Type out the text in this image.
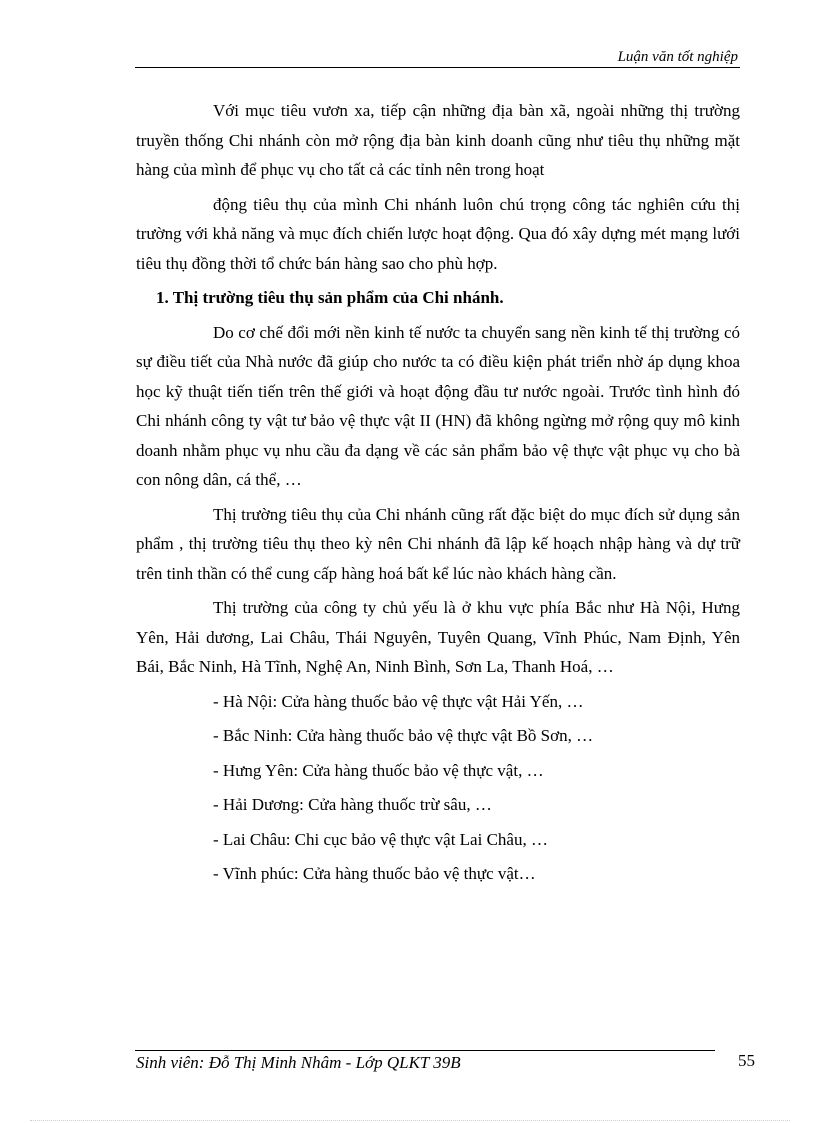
Luận văn tốt nghiệp

Với mục tiêu vươn xa, tiếp cận những địa bàn xã, ngoài những thị trường truyền thống Chi nhánh còn mở rộng địa bàn kinh doanh cũng như tiêu thụ những mặt hàng của mình để phục vụ cho tất cả các tỉnh nên trong hoạt

động tiêu thụ của mình Chi nhánh luôn chú trọng công tác nghiên cứu thị trường với khả năng và mục đích chiến lược hoạt động. Qua đó xây dựng mét mạng lưới tiêu thụ đồng thời tổ chức bán hàng sao cho phù hợp.

1. Thị trường tiêu thụ sản phẩm của Chi nhánh.

Do cơ chế đổi mới nền kinh tế nước ta chuyển sang nền kinh tế thị trường có sự điều tiết của Nhà nước đã giúp cho nước ta có điều kiện phát triển nhờ áp dụng khoa học kỹ thuật tiến tiến trên thế giới và hoạt động đầu tư nước ngoài. Trước tình hình đó Chi nhánh công ty vật tư bảo vệ thực vật II (HN) đã không ngừng mở rộng quy mô kinh doanh nhằm phục vụ nhu cầu đa dạng về các sản phẩm bảo vệ thực vật phục vụ cho bà con nông dân, cá thể, …

Thị trường tiêu thụ của Chi nhánh cũng rất đặc biệt do mục đích sử dụng sản phẩm , thị trường tiêu thụ theo kỳ nên Chi nhánh đã lập kế hoạch nhập hàng và dự trữ trên tinh thần có thể cung cấp hàng hoá bất kể lúc nào khách hàng cần.

Thị trường của công ty chủ yếu là ở khu vực phía Bắc như Hà Nội, Hưng Yên, Hải dương, Lai Châu, Thái Nguyên, Tuyên Quang, Vĩnh Phúc, Nam Định, Yên Bái, Bắc Ninh, Hà Tĩnh, Nghệ An, Ninh Bình, Sơn La, Thanh Hoá, …

- Hà Nội: Cửa hàng thuốc bảo vệ thực vật Hải Yến, …

- Bắc Ninh: Cửa hàng thuốc bảo vệ thực vật Bồ Sơn, …

- Hưng Yên: Cửa hàng thuốc bảo vệ thực vật, …

- Hải Dương: Cửa hàng thuốc trừ sâu, …

- Lai Châu: Chi cục bảo vệ thực vật Lai Châu, …

- Vĩnh phúc: Cửa hàng thuốc bảo vệ thực vật…

Sinh viên: Đỗ Thị Minh Nhâm - Lớp QLKT 39B	55
